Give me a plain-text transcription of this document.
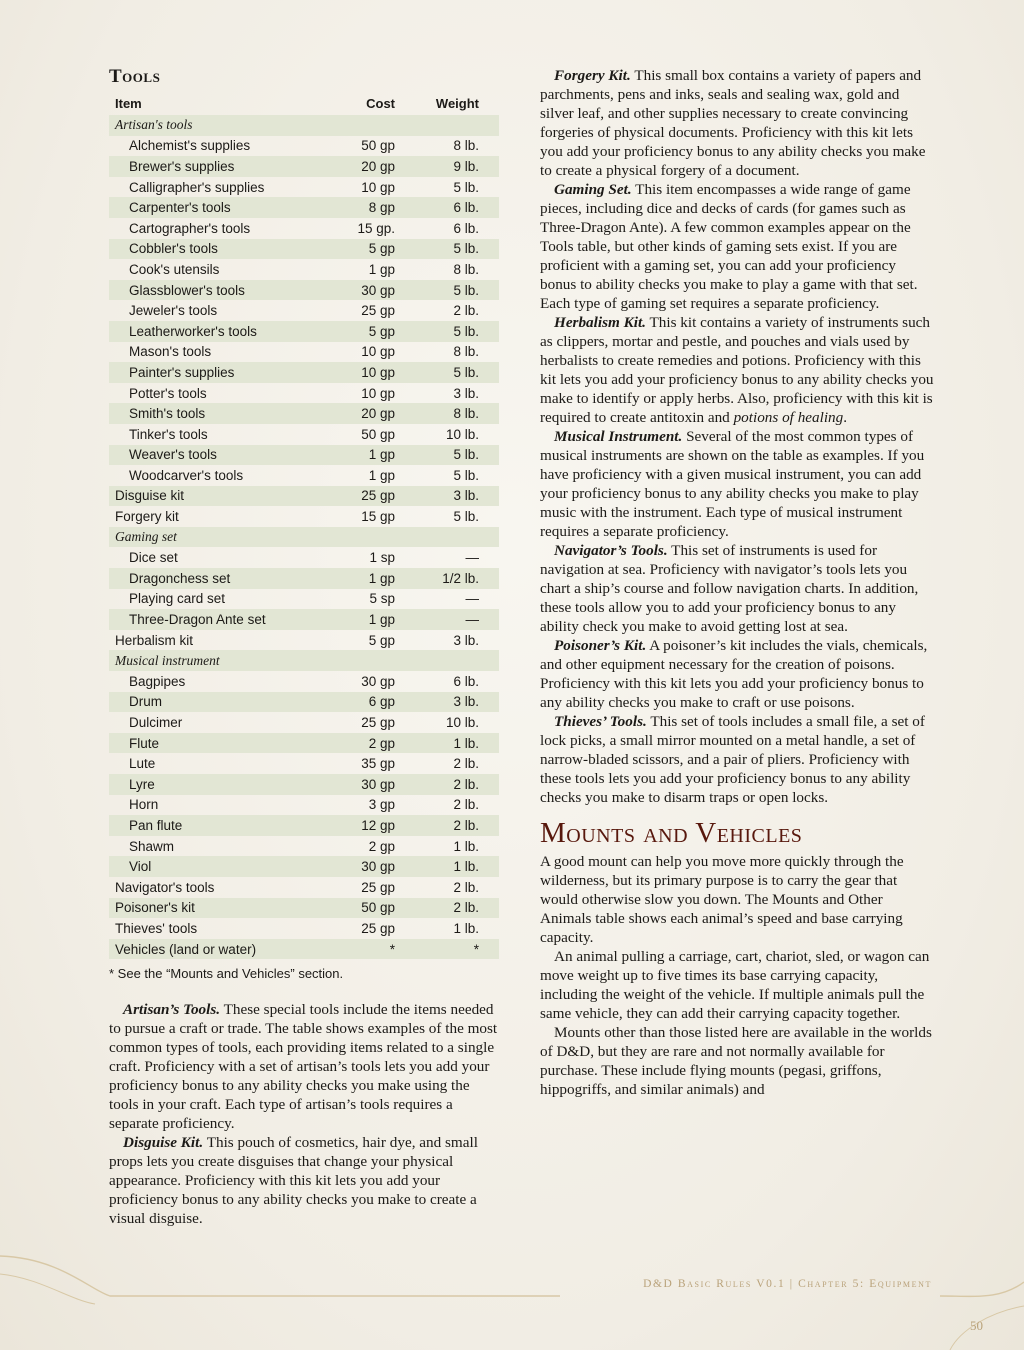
Tools
Item	Cost	Weight
Artisan's tools		
Alchemist's supplies	50 gp	8 lb.
Brewer's supplies	20 gp	9 lb.
Calligrapher's supplies	10 gp	5 lb.
Carpenter's tools	8 gp	6 lb.
Cartographer's tools	15 gp.	6 lb.
Cobbler's tools	5 gp	5 lb.
Cook's utensils	1 gp	8 lb.
Glassblower's tools	30 gp	5 lb.
Jeweler's tools	25 gp	2 lb.
Leatherworker's tools	5 gp	5 lb.
Mason's tools	10 gp	8 lb.
Painter's supplies	10 gp	5 lb.
Potter's tools	10 gp	3 lb.
Smith's tools	20 gp	8 lb.
Tinker's tools	50 gp	10 lb.
Weaver's tools	1 gp	5 lb.
Woodcarver's tools	1 gp	5 lb.
Disguise kit	25 gp	3 lb.
Forgery kit	15 gp	5 lb.
Gaming set		
Dice set	1 sp	—
Dragonchess set	1 gp	1/2 lb.
Playing card set	5 sp	—
Three-Dragon Ante set	1 gp	—
Herbalism kit	5 gp	3 lb.
Musical instrument		
Bagpipes	30 gp	6 lb.
Drum	6 gp	3 lb.
Dulcimer	25 gp	10 lb.
Flute	2 gp	1 lb.
Lute	35 gp	2 lb.
Lyre	30 gp	2 lb.
Horn	3 gp	2 lb.
Pan flute	12 gp	2 lb.
Shawm	2 gp	1 lb.
Viol	30 gp	1 lb.
Navigator's tools	25 gp	2 lb.
Poisoner's kit	50 gp	2 lb.
Thieves' tools	25 gp	1 lb.
Vehicles (land or water)	*	*
* See the “Mounts and Vehicles” section.

Artisan’s Tools. These special tools include the items needed to pursue a craft or trade. The table shows examples of the most common types of tools, each providing items related to a single craft. Proficiency with a set of artisan’s tools lets you add your proficiency bonus to any ability checks you make using the tools in your craft. Each type of artisan’s tools requires a separate proficiency.

Disguise Kit. This pouch of cosmetics, hair dye, and small props lets you create disguises that change your physical appearance. Proficiency with this kit lets you add your proficiency bonus to any ability checks you make to create a visual disguise.

Forgery Kit. This small box contains a variety of papers and parchments, pens and inks, seals and sealing wax, gold and silver leaf, and other supplies necessary to create convincing forgeries of physical documents. Proficiency with this kit lets you add your proficiency bonus to any ability checks you make to create a physical forgery of a document.

Gaming Set. This item encompasses a wide range of game pieces, including dice and decks of cards (for games such as Three-Dragon Ante). A few common examples appear on the Tools table, but other kinds of gaming sets exist. If you are proficient with a gaming set, you can add your proficiency bonus to ability checks you make to play a game with that set. Each type of gaming set requires a separate proficiency.

Herbalism Kit. This kit contains a variety of instruments such as clippers, mortar and pestle, and pouches and vials used by herbalists to create remedies and potions. Proficiency with this kit lets you add your proficiency bonus to any ability checks you make to identify or apply herbs. Also, proficiency with this kit is required to create antitoxin and potions of healing.

Musical Instrument. Several of the most common types of musical instruments are shown on the table as examples. If you have proficiency with a given musical instrument, you can add your proficiency bonus to any ability checks you make to play music with the instrument. Each type of musical instrument requires a separate proficiency.

Navigator’s Tools. This set of instruments is used for navigation at sea. Proficiency with navigator’s tools lets you chart a ship’s course and follow navigation charts. In addition, these tools allow you to add your proficiency bonus to any ability check you make to avoid getting lost at sea.

Poisoner’s Kit. A poisoner’s kit includes the vials, chemicals, and other equipment necessary for the creation of poisons. Proficiency with this kit lets you add your proficiency bonus to any ability checks you make to craft or use poisons.

Thieves’ Tools. This set of tools includes a small file, a set of lock picks, a small mirror mounted on a metal handle, a set of narrow-bladed scissors, and a pair of pliers. Proficiency with these tools lets you add your proficiency bonus to any ability checks you make to disarm traps or open locks.

Mounts and Vehicles

A good mount can help you move more quickly through the wilderness, but its primary purpose is to carry the gear that would otherwise slow you down. The Mounts and Other Animals table shows each animal’s speed and base carrying capacity.

An animal pulling a carriage, cart, chariot, sled, or wagon can move weight up to five times its base carrying capacity, including the weight of the vehicle. If multiple animals pull the same vehicle, they can add their carrying capacity together.

Mounts other than those listed here are available in the worlds of D&D, but they are rare and not normally available for purchase. These include flying mounts (pegasi, griffons, hippogriffs, and similar animals) and

D&D Basic Rules V0.1 | Chapter 5: Equipment
50
